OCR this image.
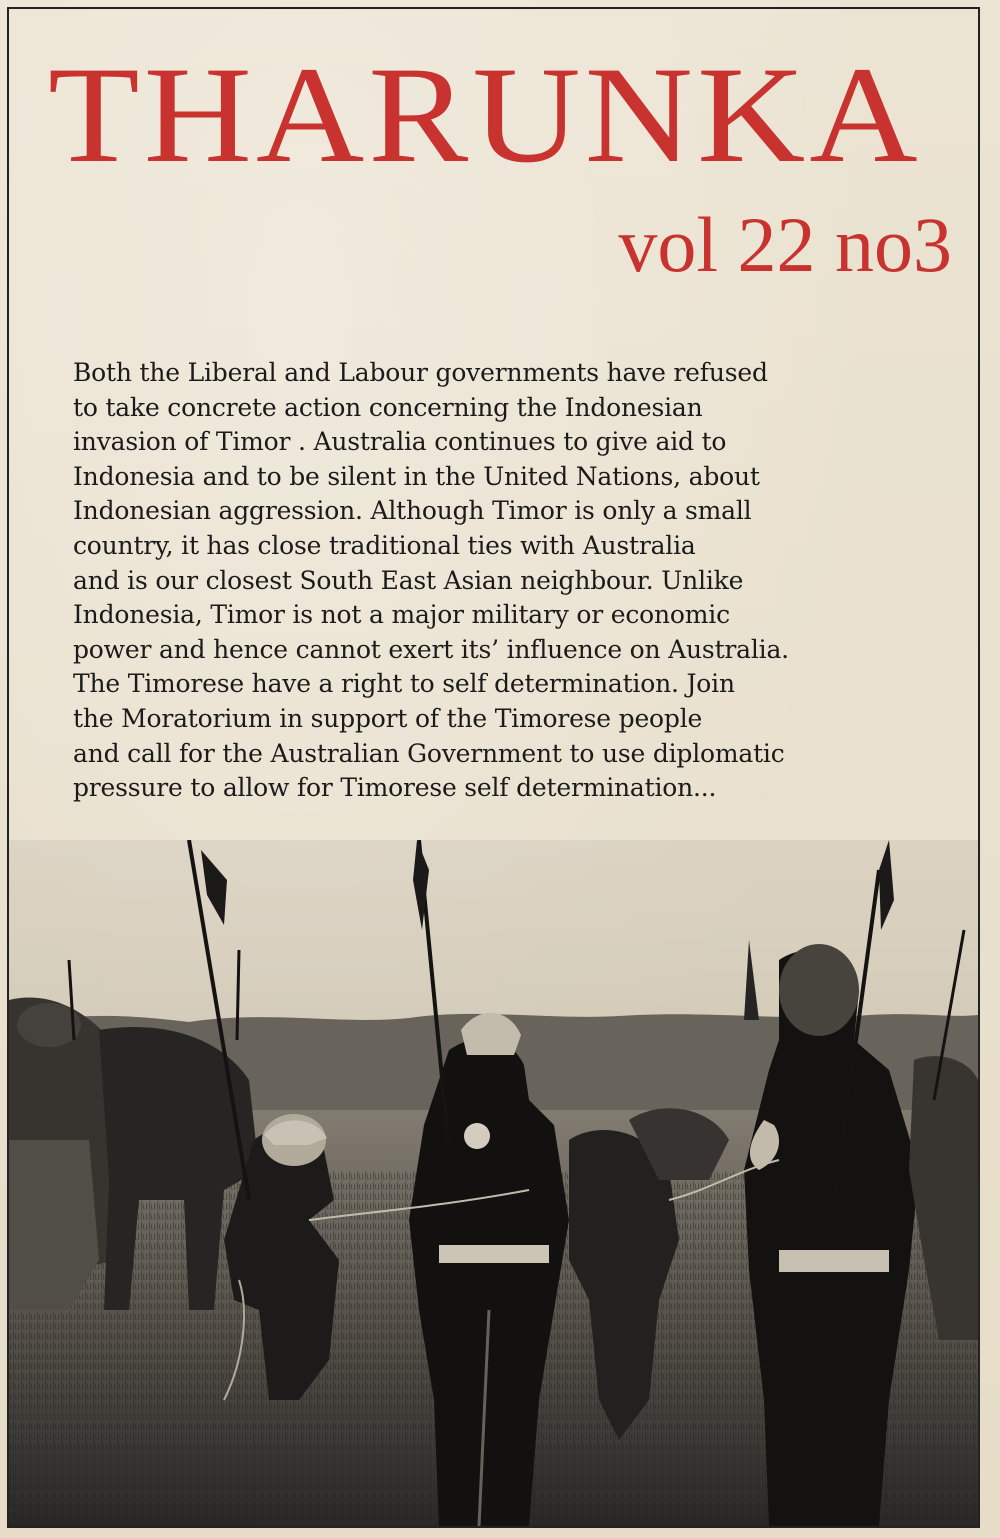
THARUNKA
vol 22 no3

Both the Liberal and Labour governments have refused
to take concrete action concerning the Indonesian
invasion of Timor . Australia continues to give aid to
Indonesia and to be silent in the United Nations, about
Indonesian aggression. Although Timor is only a small
country, it has close traditional ties with Australia
and is our closest South East Asian neighbour. Unlike
Indonesia, Timor is not a major military or economic
power and hence cannot exert its’ influence on Australia.
The Timorese have a right to self determination. Join
the Moratorium in support of the Timorese people
and call for the Australian Government to use diplomatic
pressure to allow for Timorese self determination...
